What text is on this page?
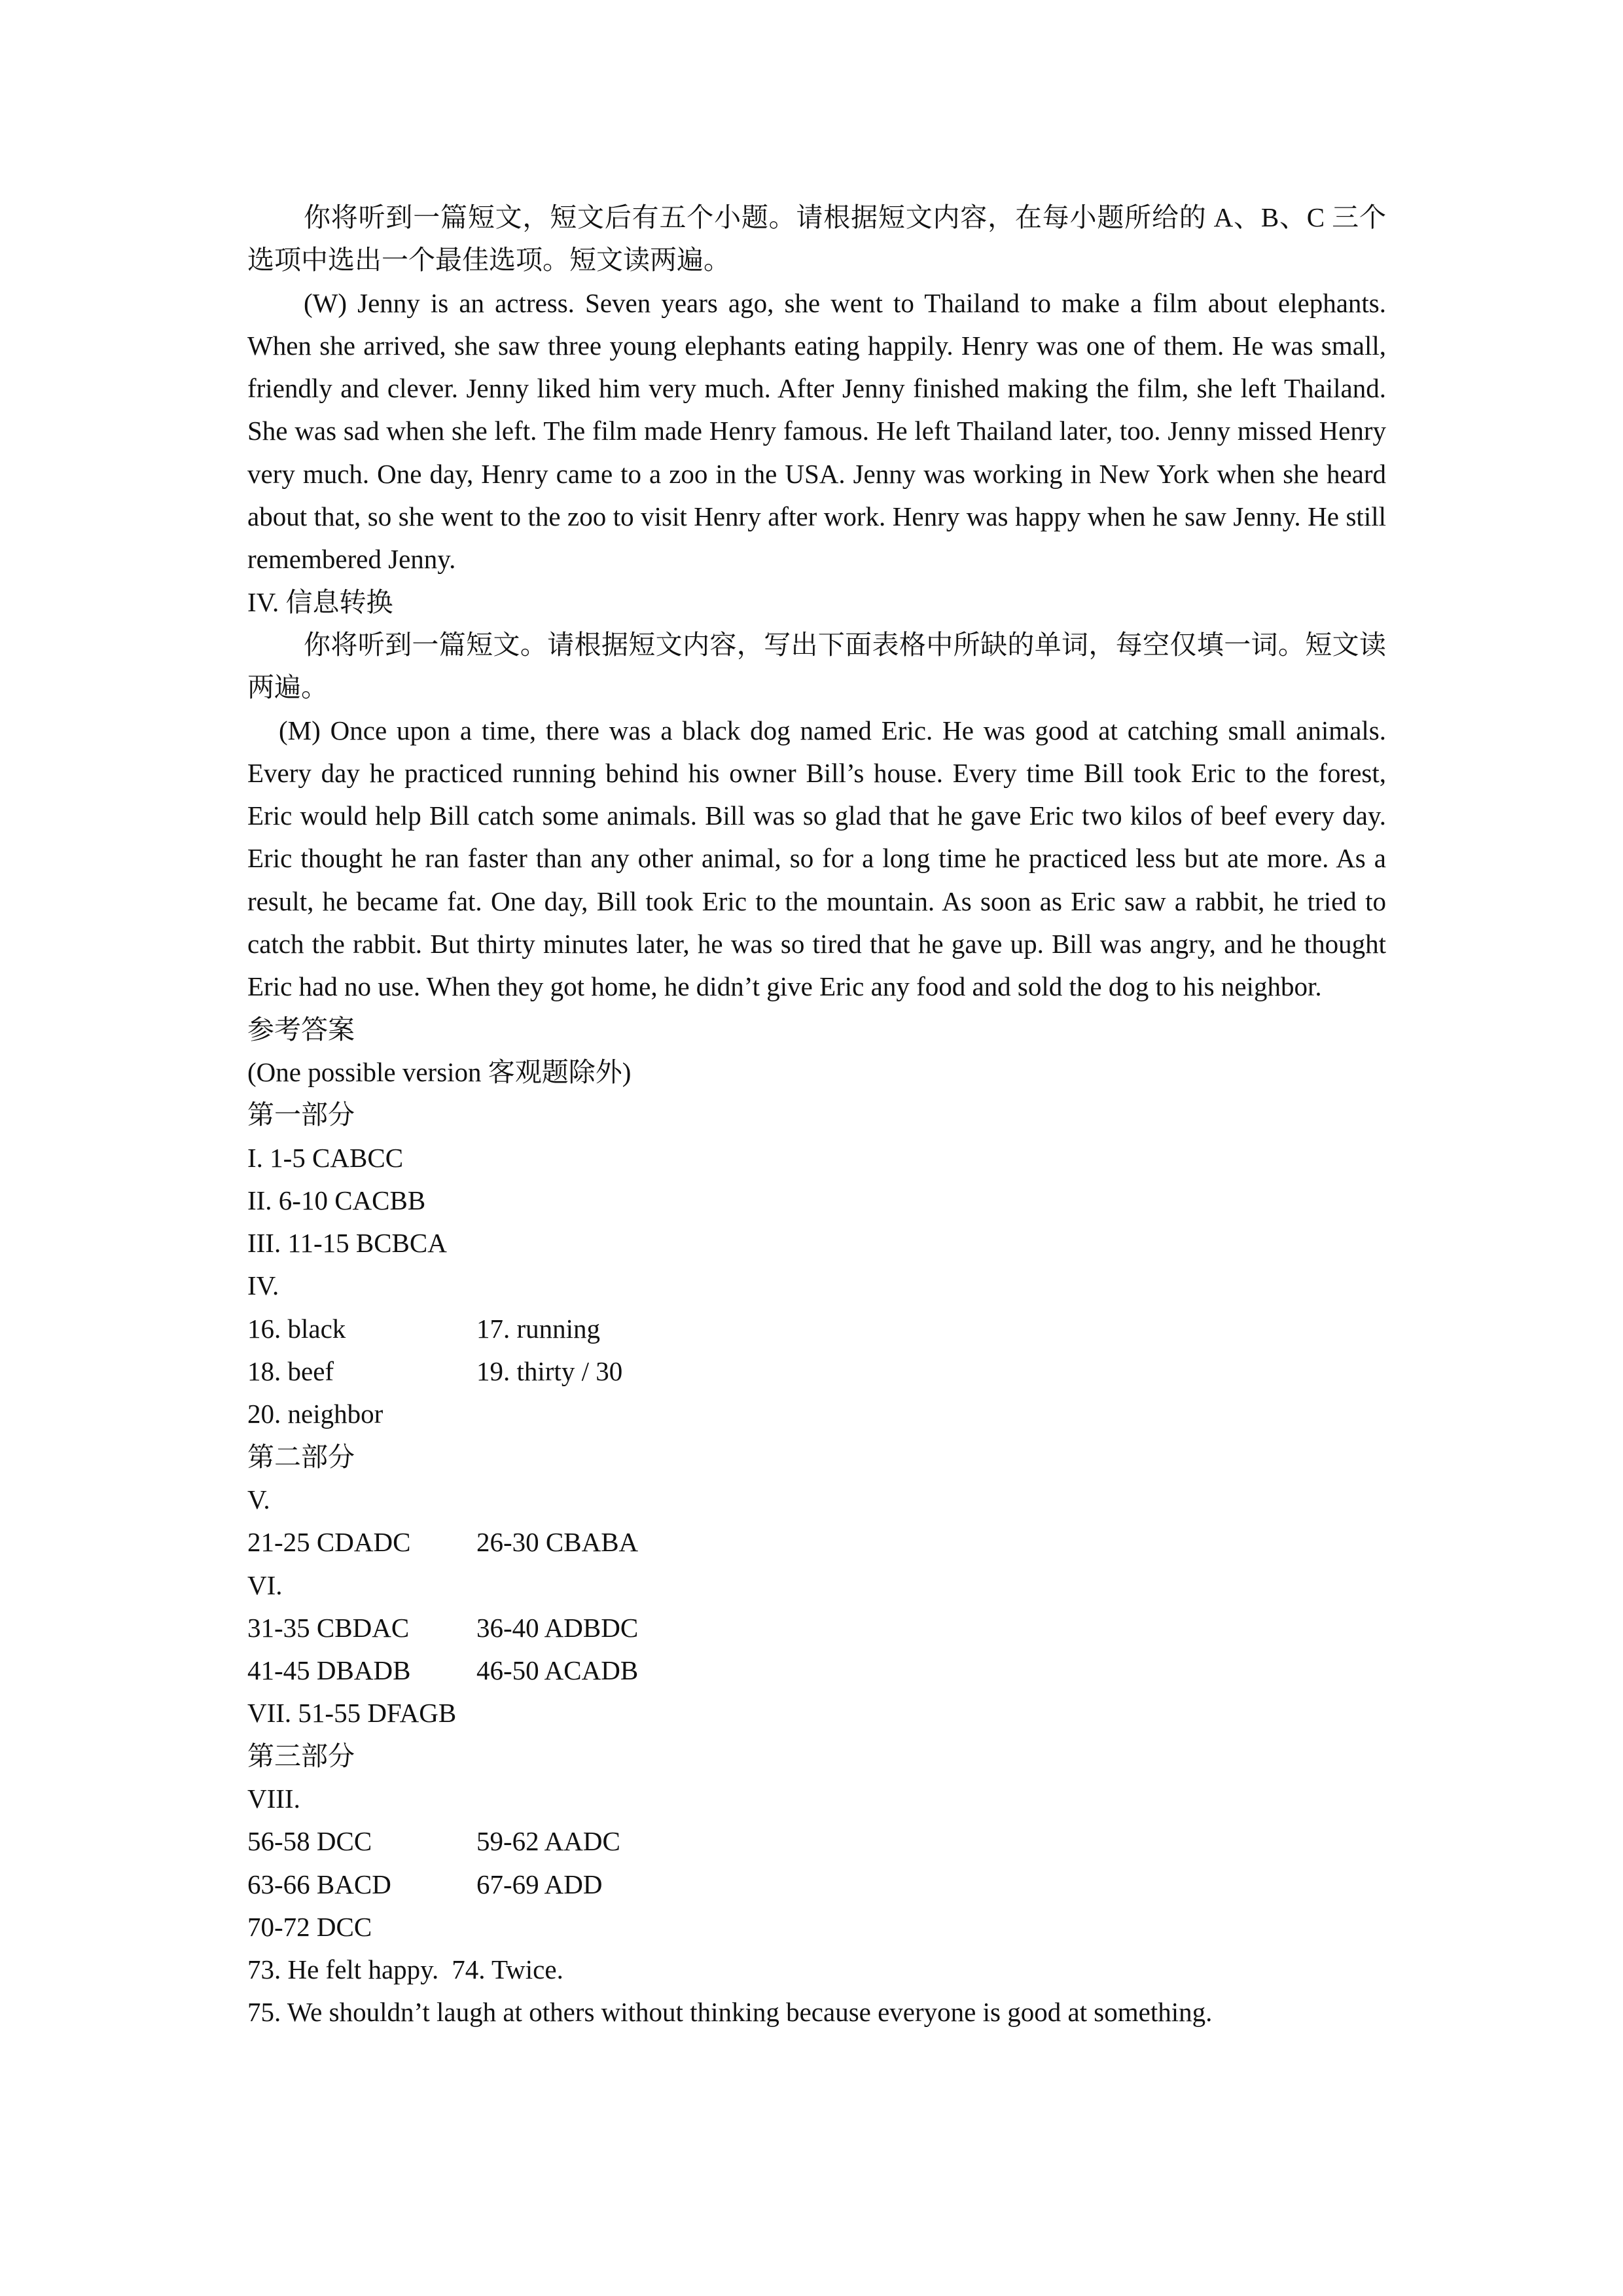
你将听到一篇短文，短文后有五个小题。请根据短文内容，在每小题所给的 A、B、C 三个选项中选出一个最佳选项。短文读两遍。

(W) Jenny is an actress. Seven years ago, she went to Thailand to make a film about elephants. When she arrived, she saw three young elephants eating happily. Henry was one of them. He was small, friendly and clever. Jenny liked him very much. After Jenny finished making the film, she left Thailand. She was sad when she left. The film made Henry famous. He left Thailand later, too. Jenny missed Henry very much. One day, Henry came to a zoo in the USA. Jenny was working in New York when she heard about that, so she went to the zoo to visit Henry after work. Henry was happy when he saw Jenny. He still remembered Jenny.

IV. 信息转换

你将听到一篇短文。请根据短文内容，写出下面表格中所缺的单词，每空仅填一词。短文读两遍。

(M) Once upon a time, there was a black dog named Eric. He was good at catching small animals. Every day he practiced running behind his owner Bill’s house. Every time Bill took Eric to the forest, Eric would help Bill catch some animals. Bill was so glad that he gave Eric two kilos of beef every day. Eric thought he ran faster than any other animal, so for a long time he practiced less but ate more. As a result, he became fat. One day, Bill took Eric to the mountain. As soon as Eric saw a rabbit, he tried to catch the rabbit. But thirty minutes later, he was so tired that he gave up. Bill was angry, and he thought Eric had no use. When they got home, he didn’t give Eric any food and sold the dog to his neighbor.

参考答案

(One possible version 客观题除外)

第一部分

I. 1-5 CABCC

II. 6-10 CACBB

III. 11-15 BCBCA

IV.

16. black	17. running
18. beef	19. thirty / 30

20. neighbor

第二部分

V.

21-25 CDADC	26-30 CBABA

VI.

31-35 CBDAC	36-40 ADBDC
41-45 DBADB	46-50 ACADB

VII. 51-55 DFAGB

第三部分

VIII.

56-58 DCC	59-62 AADC
63-66 BACD	67-69 ADD

70-72 DCC

73. He felt happy. 74. Twice.

75. We shouldn’t laugh at others without thinking because everyone is good at something.
